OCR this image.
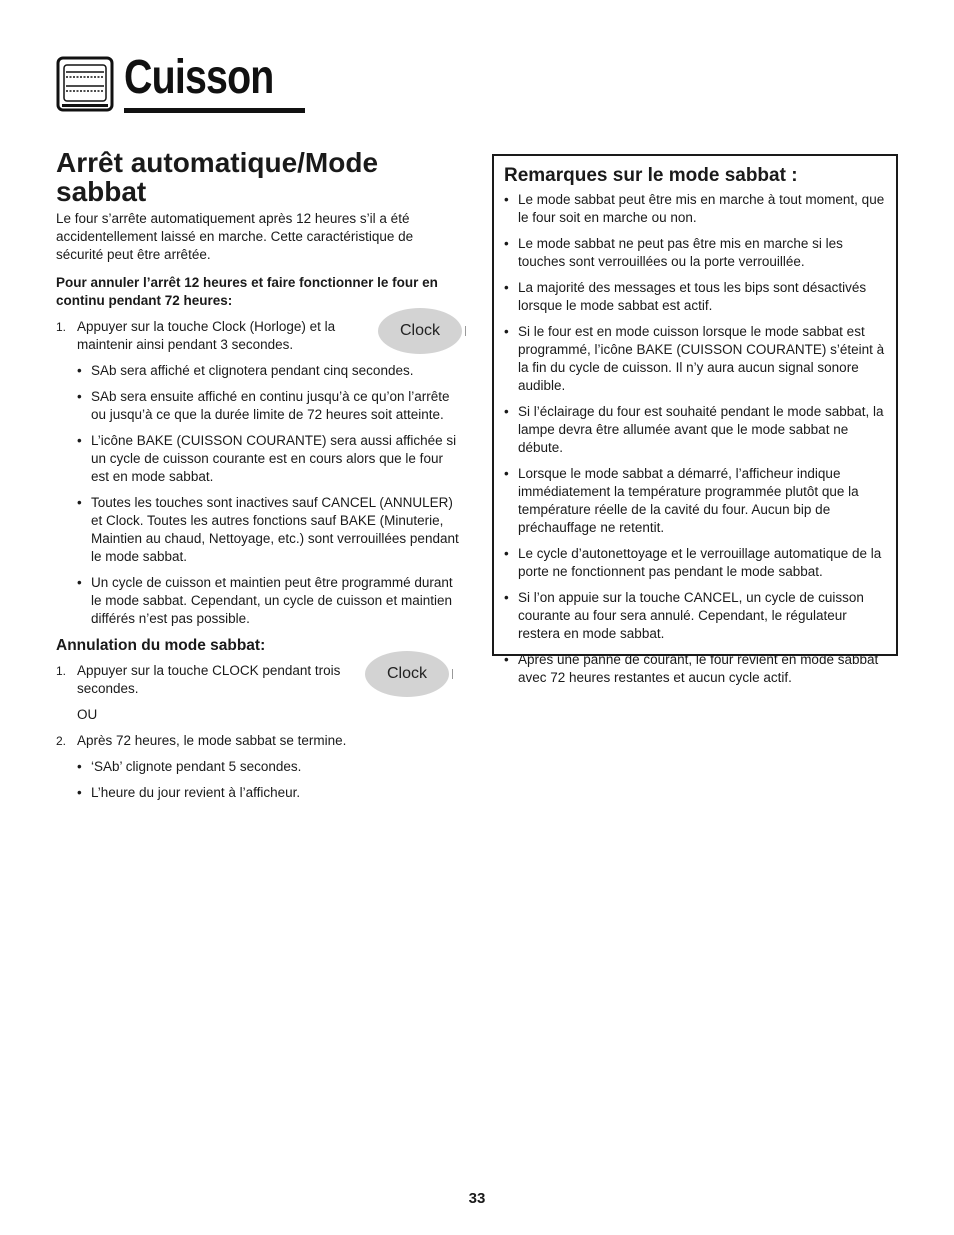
Cuisson
Arrêt automatique/Mode sabbat

Le four s’arrête automatiquement après 12 heures s’il a été accidentellement laissé en marche. Cette caractéristique de sécurité peut être arrêtée.

Pour annuler l’arrêt 12 heures et faire fonctionner le four en continu pendant 72 heures:

1. Appuyer sur la touche Clock (Horloge) et la maintenir ainsi pendant 3 secondes.
• SAb sera affiché et clignotera pendant cinq secondes.
• SAb sera ensuite affiché en continu jusqu’à ce qu’on l’arrête ou jusqu’à ce que la durée limite de 72 heures soit atteinte.
• L’icône BAKE (CUISSON COURANTE) sera aussi affichée si un cycle de cuisson courante est en cours alors que le four est en mode sabbat.
• Toutes les touches sont inactives sauf CANCEL (ANNULER) et Clock. Toutes les autres fonctions sauf BAKE (Minuterie, Maintien au chaud, Nettoyage, etc.) sont verrouillées pendant le mode sabbat.
• Un cycle de cuisson et maintien peut être programmé durant le mode sabbat. Cependant, un cycle de cuisson et maintien différés n’est pas possible.
Annulation du mode sabbat:
1. Appuyer sur la touche CLOCK pendant trois secondes.
OU
2. Après 72 heures, le mode sabbat se termine.
• ‘SAb’ clignote pendant 5 secondes.
• L’heure du jour revient à l’afficheur.
Clock
Clock
Remarques sur le mode sabbat :
• Le mode sabbat peut être mis en marche à tout moment, que le four soit en marche ou non.
• Le mode sabbat ne peut pas être mis en marche si les touches sont verrouillées ou la porte verrouillée.
• La majorité des messages et tous les bips sont désactivés lorsque le mode sabbat est actif.
• Si le four est en mode cuisson lorsque le mode sabbat est programmé, l’icône BAKE (CUISSON COURANTE) s’éteint à la fin du cycle de cuisson. Il n’y aura aucun signal sonore audible.
• Si l’éclairage du four est souhaité pendant le mode sabbat, la lampe devra être allumée avant que le mode sabbat ne débute.
• Lorsque le mode sabbat a démarré, l’afficheur indique immédiatement la température programmée plutôt que la température réelle de la cavité du four. Aucun bip de préchauffage ne retentit.
• Le cycle d’autonettoyage et le verrouillage automatique de la porte ne fonctionnent pas pendant le mode sabbat.
• Si l’on appuie sur la touche CANCEL, un cycle de cuisson courante au four sera annulé. Cependant, le régulateur restera en mode sabbat.
• Après une panne de courant, le four revient en mode sabbat avec 72 heures restantes et aucun cycle actif.
33
